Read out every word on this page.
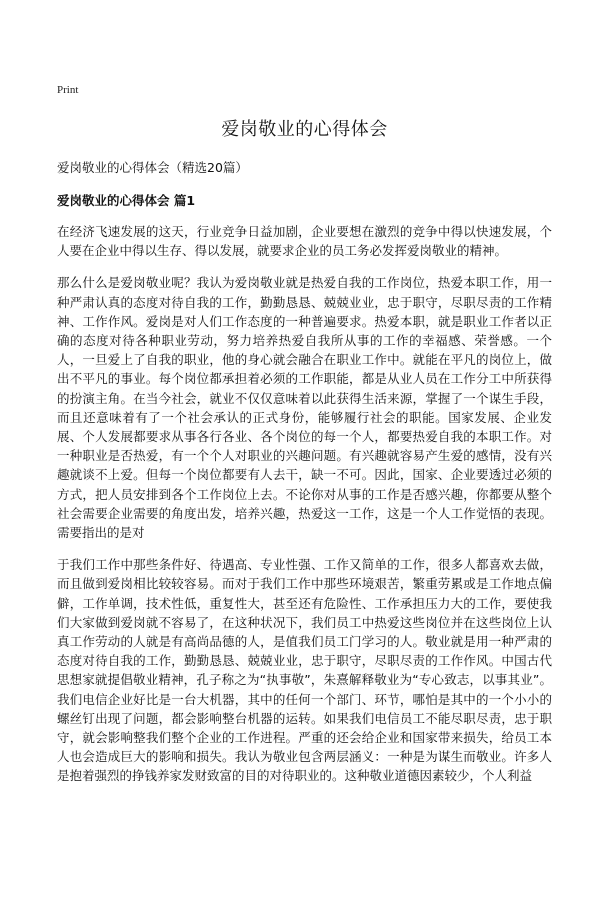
Print
爱岗敬业的心得体会
爱岗敬业的心得体会（精选20篇）
爱岗敬业的心得体会 篇1

在经济飞速发展的这天，行业竞争日益加剧，企业要想在激烈的竞争中得以快速发展，个人要在企业中得以生存、得以发展，就要求企业的员工务必发挥爱岗敬业的精神。

那么什么是爱岗敬业呢？我认为爱岗敬业就是热爱自我的工作岗位，热爱本职工作，用一种严肃认真的态度对待自我的工作，勤勤恳恳、兢兢业业，忠于职守，尽职尽责的工作精神、工作作风。爱岗是对人们工作态度的一种普遍要求。热爱本职，就是职业工作者以正确的态度对待各种职业劳动，努力培养热爱自我所从事的工作的幸福感、荣誉感。一个人，一旦爱上了自我的职业，他的身心就会融合在职业工作中。就能在平凡的岗位上，做出不平凡的事业。每个岗位都承担着必须的工作职能，都是从业人员在工作分工中所获得的扮演主角。在当今社会，就业不仅仅意味着以此获得生活来源，掌握了一个谋生手段，而且还意味着有了一个社会承认的正式身份，能够履行社会的职能。国家发展、企业发展、个人发展都要求从事各行各业、各个岗位的每一个人，都要热爱自我的本职工作。对一种职业是否热爱，有一个个人对职业的兴趣问题。有兴趣就容易产生爱的感情，没有兴趣就谈不上爱。但每一个岗位都要有人去干，缺一不可。因此，国家、企业要透过必须的方式，把人员安排到各个工作岗位上去。不论你对从事的工作是否感兴趣，你都要从整个社会需要企业需要的角度出发，培养兴趣，热爱这一工作，这是一个人工作觉悟的表现。需要指出的是对

于我们工作中那些条件好、待遇高、专业性强、工作又简单的工作，很多人都喜欢去做，而且做到爱岗相比较较容易。而对于我们工作中那些环境艰苦，繁重劳累或是工作地点偏僻，工作单调，技术性低，重复性大，甚至还有危险性、工作承担压力大的工作，要使我们大家做到爱岗就不容易了，在这种状况下，我们员工中热爱这些岗位并在这些岗位上认真工作劳动的人就是有高尚品德的人，是值我们员工门学习的人。敬业就是用一种严肃的态度对待自我的工作，勤勤恳恳、兢兢业业，忠于职守，尽职尽责的工作作风。中国古代思想家就提倡敬业精神，孔子称之为“执事敬”，朱熹解释敬业为“专心致志，以事其业”。我们电信企业好比是一台大机器，其中的任何一个部门、环节，哪怕是其中的一个小小的螺丝钉出现了问题，都会影响整台机器的运转。如果我们电信员工不能尽职尽责，忠于职守，就会影响整我们整个企业的工作进程。严重的还会给企业和国家带来损失，给员工本人也会造成巨大的影响和损失。我认为敬业包含两层涵义：一种是为谋生而敬业。许多人是抱着强烈的挣钱养家发财致富的目的对待职业的。这种敬业道德因素较少，个人利益
